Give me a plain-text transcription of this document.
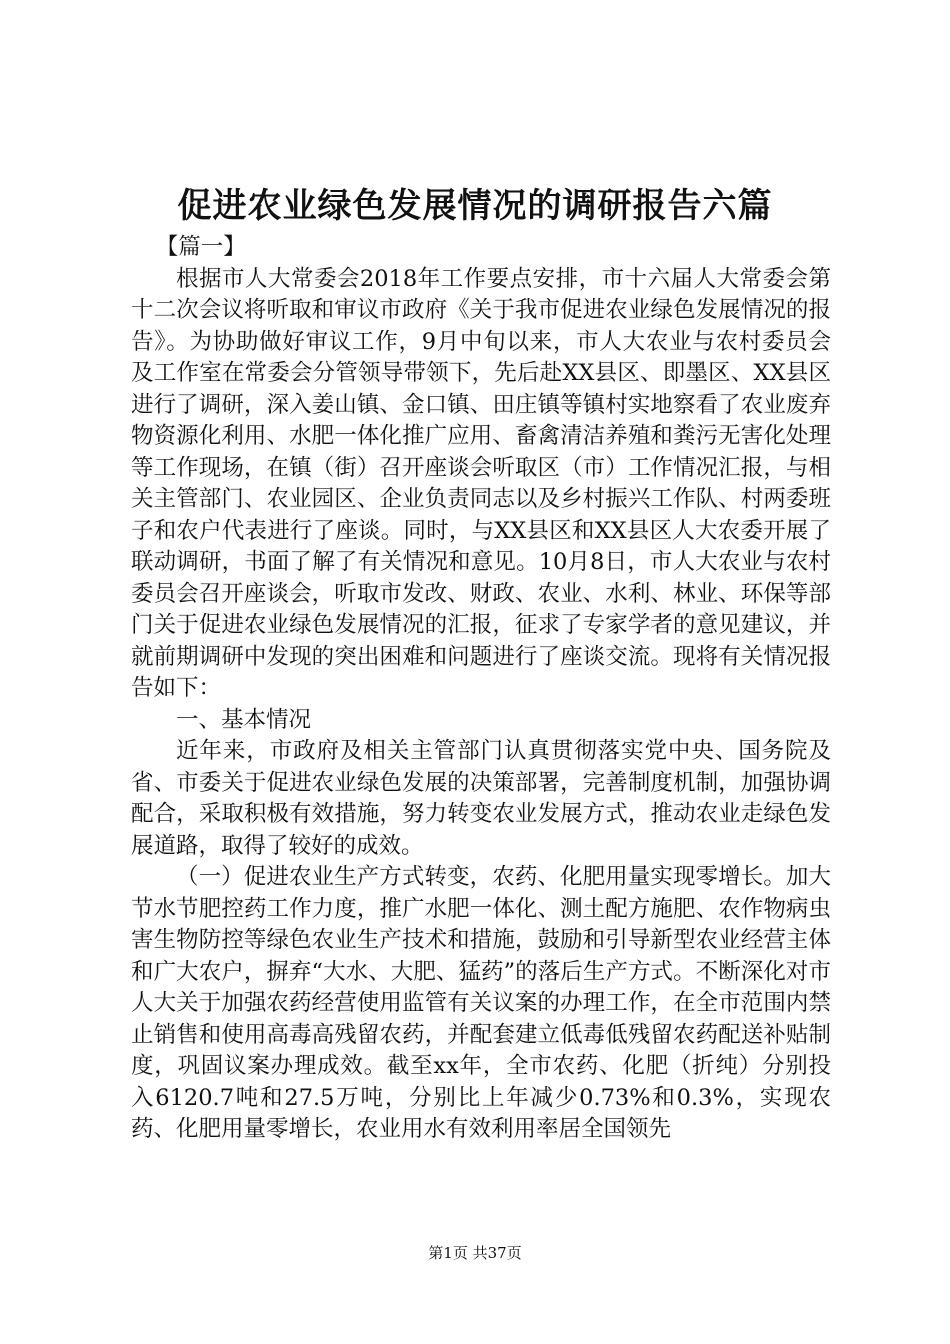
促进农业绿色发展情况的调研报告六篇

【篇一】

根据市人大常委会2018年工作要点安排，市十六届人大常委会第十二次会议将听取和审议市政府《关于我市促进农业绿色发展情况的报告》。为协助做好审议工作，9月中旬以来，市人大农业与农村委员会及工作室在常委会分管领导带领下，先后赴XX县区、即墨区、XX县区进行了调研，深入姜山镇、金口镇、田庄镇等镇村实地察看了农业废弃物资源化利用、水肥一体化推广应用、畜禽清洁养殖和粪污无害化处理等工作现场，在镇（街）召开座谈会听取区（市）工作情况汇报，与相关主管部门、农业园区、企业负责同志以及乡村振兴工作队、村两委班子和农户代表进行了座谈。同时，与XX县区和XX县区人大农委开展了联动调研，书面了解了有关情况和意见。10月8日，市人大农业与农村委员会召开座谈会，听取市发改、财政、农业、水利、林业、环保等部门关于促进农业绿色发展情况的汇报，征求了专家学者的意见建议，并就前期调研中发现的突出困难和问题进行了座谈交流。现将有关情况报告如下：

一、基本情况

近年来，市政府及相关主管部门认真贯彻落实党中央、国务院及省、市委关于促进农业绿色发展的决策部署，完善制度机制，加强协调配合，采取积极有效措施，努力转变农业发展方式，推动农业走绿色发展道路，取得了较好的成效。

（一）促进农业生产方式转变，农药、化肥用量实现零增长。加大节水节肥控药工作力度，推广水肥一体化、测土配方施肥、农作物病虫害生物防控等绿色农业生产技术和措施，鼓励和引导新型农业经营主体和广大农户，摒弃“大水、大肥、猛药”的落后生产方式。不断深化对市人大关于加强农药经营使用监管有关议案的办理工作，在全市范围内禁止销售和使用高毒高残留农药，并配套建立低毒低残留农药配送补贴制度，巩固议案办理成效。截至xx年，全市农药、化肥（折纯）分别投入6120.7吨和27.5万吨，分别比上年减少0.73%和0.3%，实现农药、化肥用量零增长，农业用水有效利用率居全国领先

第1页 共37页
